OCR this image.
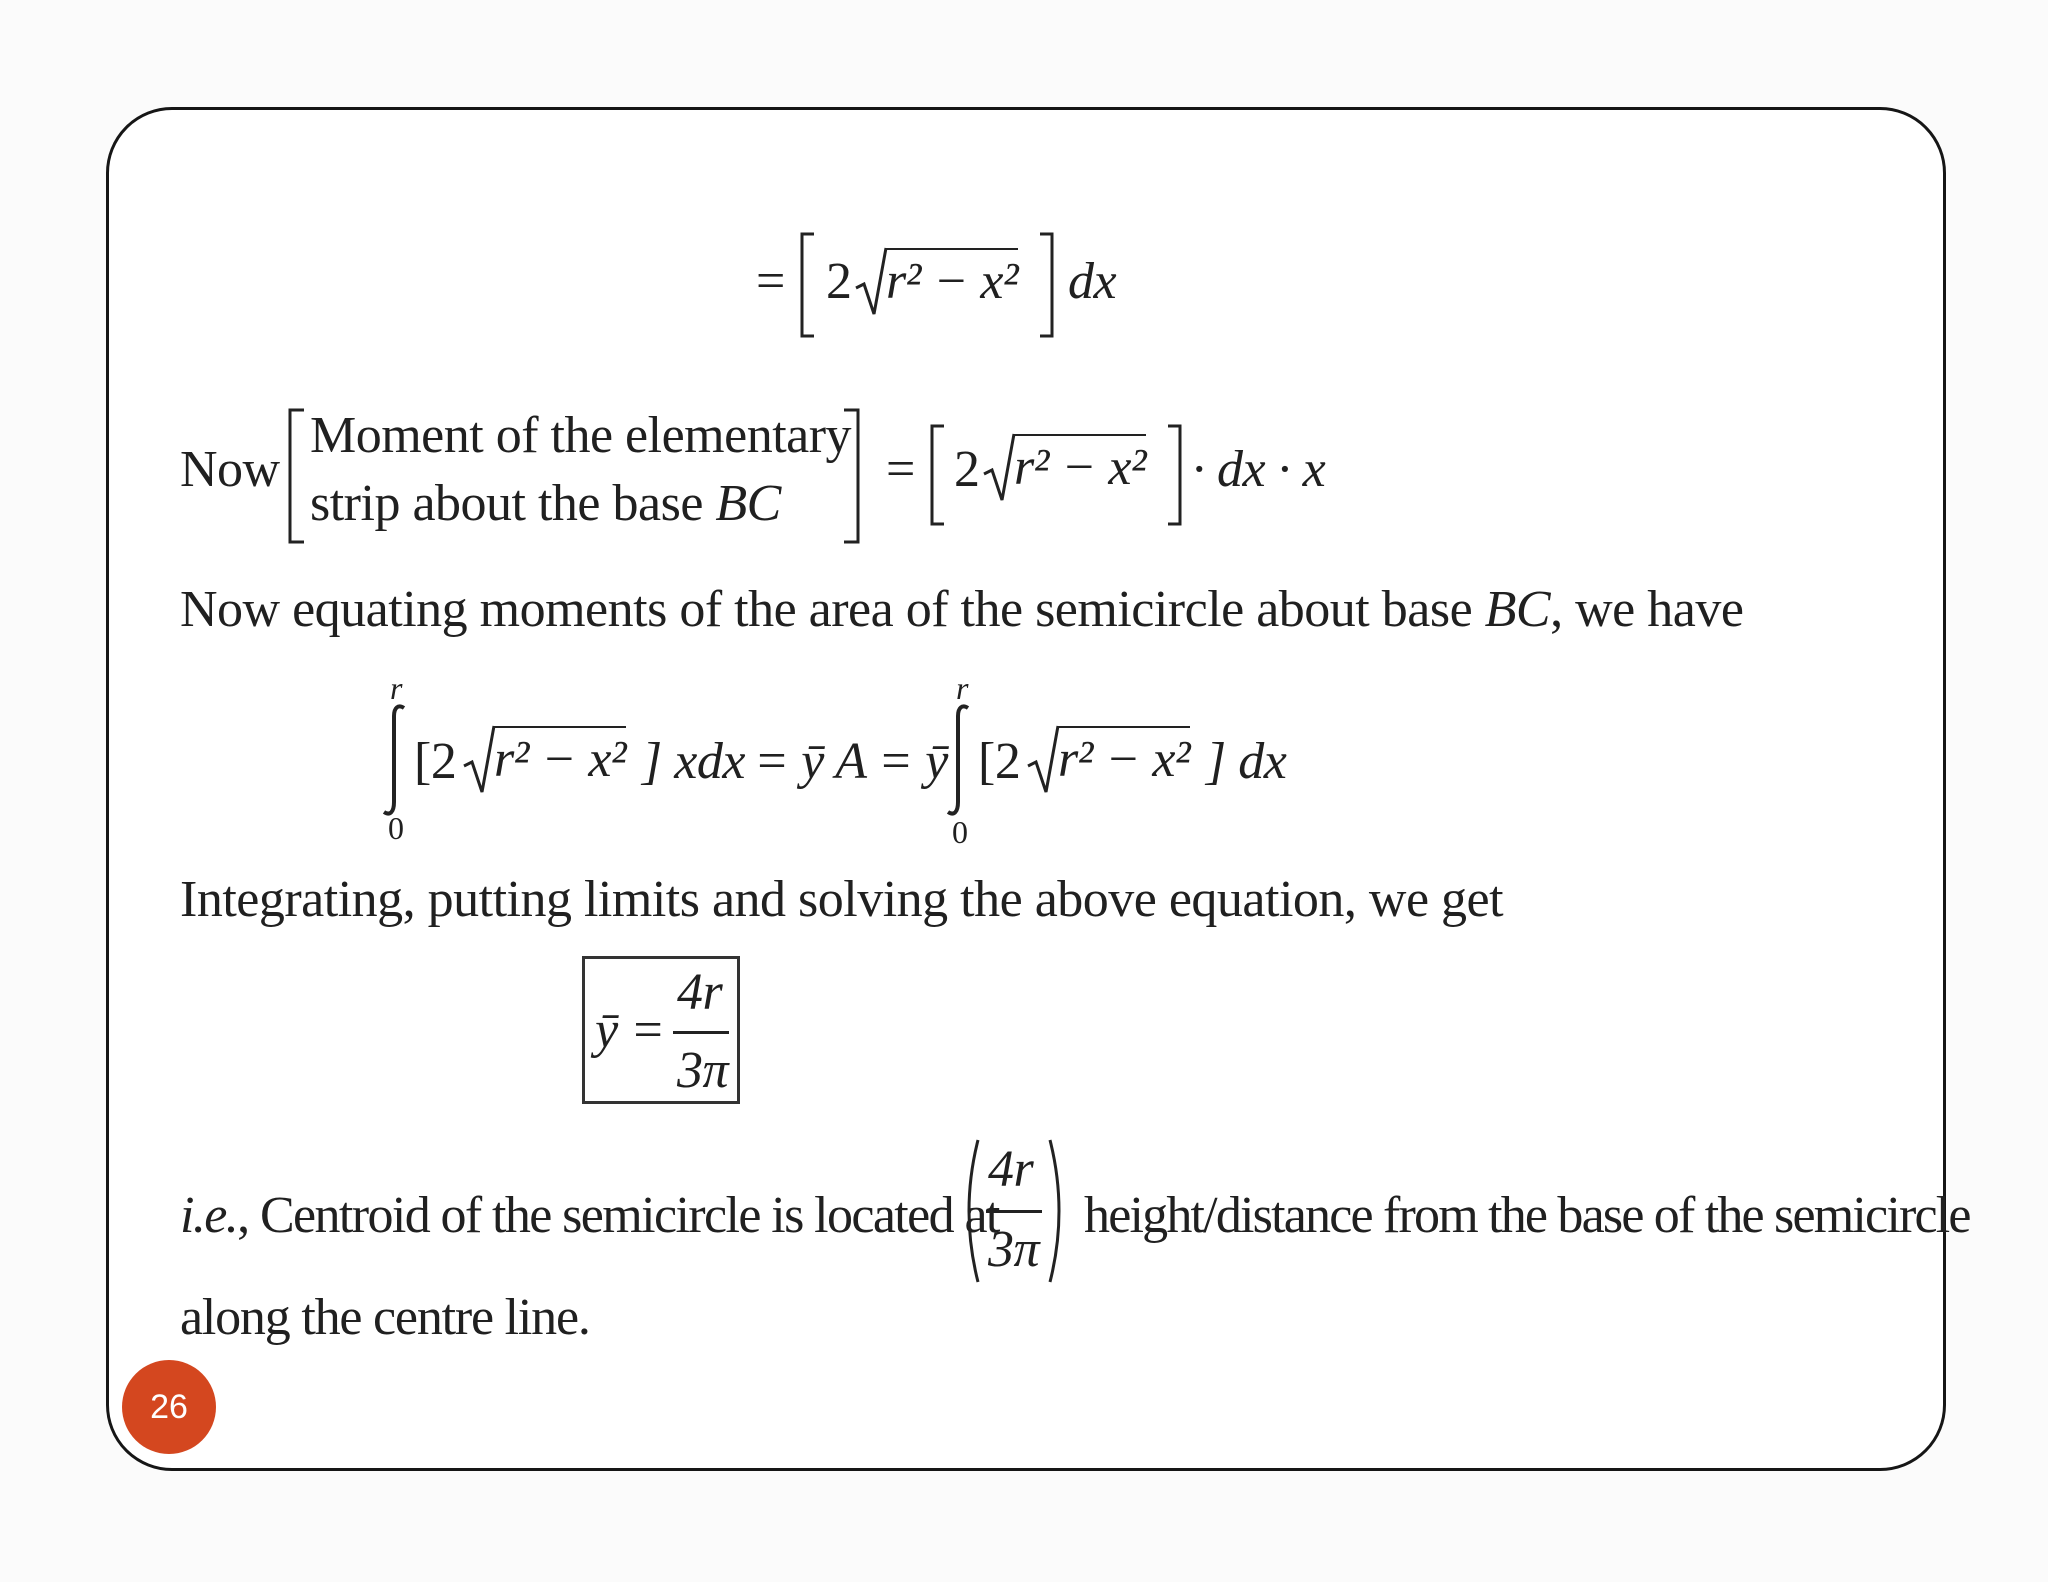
= 2 r² − x² dx
Now
Moment of the elementary
strip about the base BC
= 2 r² − x² · dx · x
Now equating moments of the area of the semicircle about base BC, we have
r
0
[2 r² − x² ] xdx = ȳ A = ȳ
r
0
[2 r² − x² ] dx
Integrating, putting limits and solving the above equation, we get
ȳ =
4r
3π
i.e., Centroid of the semicircle is located at
4r
3π
height/distance from the base of the semicircle
along the centre line.
26
